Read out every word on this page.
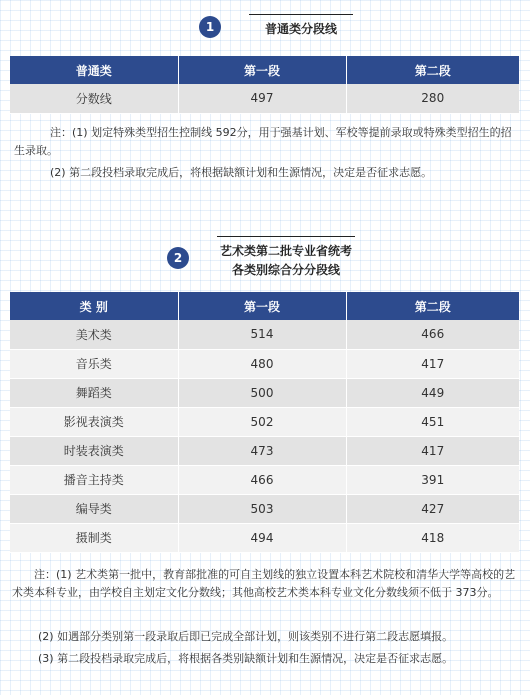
1	普通类分段线
普通类	第一段	第二段
分数线	497	280
注：(1) 划定特殊类型招生控制线 592分，用于强基计划、军校等提前录取或特殊类型招生的招生录取。
(2) 第二段投档录取完成后，将根据缺额计划和生源情况，决定是否征求志愿。
2	艺术类第二批专业省统考
各类别综合分分段线
类 别	第一段	第二段
美术类	514	466
音乐类	480	417
舞蹈类	500	449
影视表演类	502	451
时装表演类	473	417
播音主持类	466	391
编导类	503	427
摄制类	494	418
注：(1) 艺术类第一批中，教育部批准的可自主划线的独立设置本科艺术院校和清华大学等高校的艺术类本科专业，由学校自主划定文化分数线；其他高校艺术类本科专业文化分数线须不低于 373分。
(2) 如遇部分类别第一段录取后即已完成全部计划，则该类别不进行第二段志愿填报。
(3) 第二段投档录取完成后，将根据各类别缺额计划和生源情况，决定是否征求志愿。
